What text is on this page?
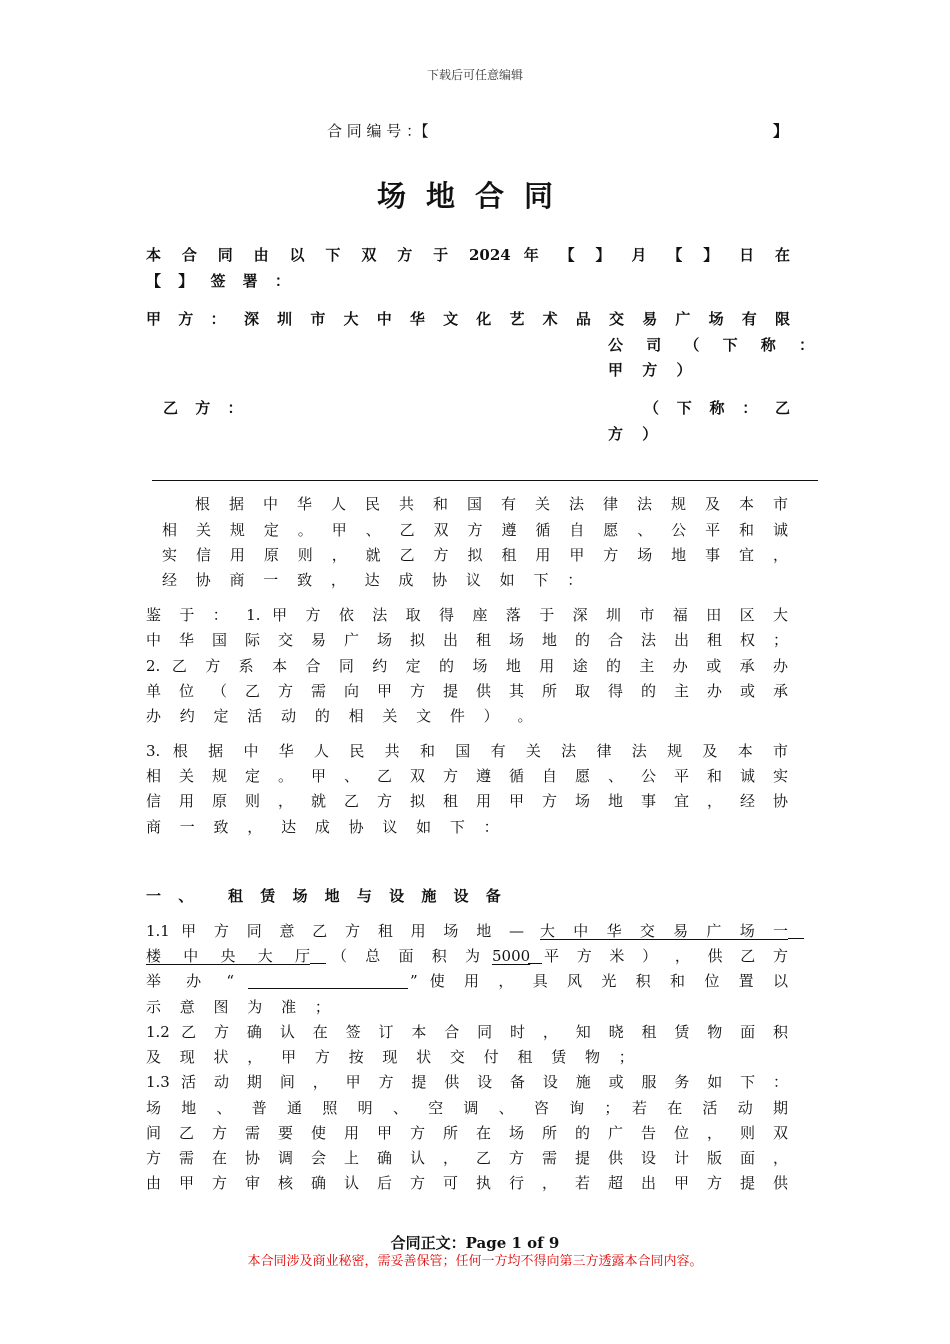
下载后可任意编辑
合 同 编 号 ：【	】
场地合同
本 合 同 由 以 下 双 方 于 2024 年 【 】 月 【 】 日 在
【 】 签 署 ：
甲 方 ： 深 圳 市 大 中 华 文 化 艺 术 品 交 易 广 场 有 限
公 司 （ 下 称 ：
甲 方 ）
乙 方 ：	（ 下 称 ： 乙
方 ）
根 据 中 华 人 民 共 和 国 有 关 法 律 法 规 及 本 市
相 关 规 定 。 甲 、 乙 双 方 遵 循 自 愿 、 公 平 和 诚
实 信 用 原 则 ， 就 乙 方 拟 租 用 甲 方 场 地 事 宜 ，
经 协 商 一 致 ， 达 成 协 议 如 下 ：
鉴 于 ： 1. 甲 方 依 法 取 得 座 落 于 深 圳 市 福 田 区 大
中 华 国 际 交 易 广 场 拟 出 租 场 地 的 合 法 出 租 权 ；
2. 乙 方 系 本 合 同 约 定 的 场 地 用 途 的 主 办 或 承 办
单 位 （ 乙 方 需 向 甲 方 提 供 其 所 取 得 的 主 办 或 承
办 约 定 活 动 的 相 关 文 件 ） 。
3. 根 据 中 华 人 民 共 和 国 有 关 法 律 法 规 及 本 市
相 关 规 定 。 甲 、 乙 双 方 遵 循 自 愿 、 公 平 和 诚 实
信 用 原 则 ， 就 乙 方 拟 租 用 甲 方 场 地 事 宜 ， 经 协
商 一 致 ， 达 成 协 议 如 下 ：
一 、 租 赁 场 地 与 设 施 设 备
1.1 甲 方 同 意 乙 方 租 用 场 地 — 大 中 华 交 易 广 场 一
楼 中 央 大 厅 （ 总 面 积 为 5000 平 方 米 ） ， 供 乙 方
举 办 “	” 使 用 ， 具 风 光 积 和 位 置 以
示 意 图 为 准 ；
1.2 乙 方 确 认 在 签 订 本 合 同 时 ， 知 晓 租 赁 物 面 积
及 现 状 ， 甲 方 按 现 状 交 付 租 赁 物 ；
1.3 活 动 期 间 ， 甲 方 提 供 设 备 设 施 或 服 务 如 下 ：
场 地 、 普 通 照 明 、 空 调 、 咨 询 ； 若 在 活 动 期
间 乙 方 需 要 使 用 甲 方 所 在 场 所 的 广 告 位 ， 则 双
方 需 在 协 调 会 上 确 认 ， 乙 方 需 提 供 设 计 版 面 ，
由 甲 方 审 核 确 认 后 方 可 执 行 ， 若 超 出 甲 方 提 供
合同正文：Page 1 of 9
本合同涉及商业秘密，需妥善保管；任何一方均不得向第三方透露本合同内容。
